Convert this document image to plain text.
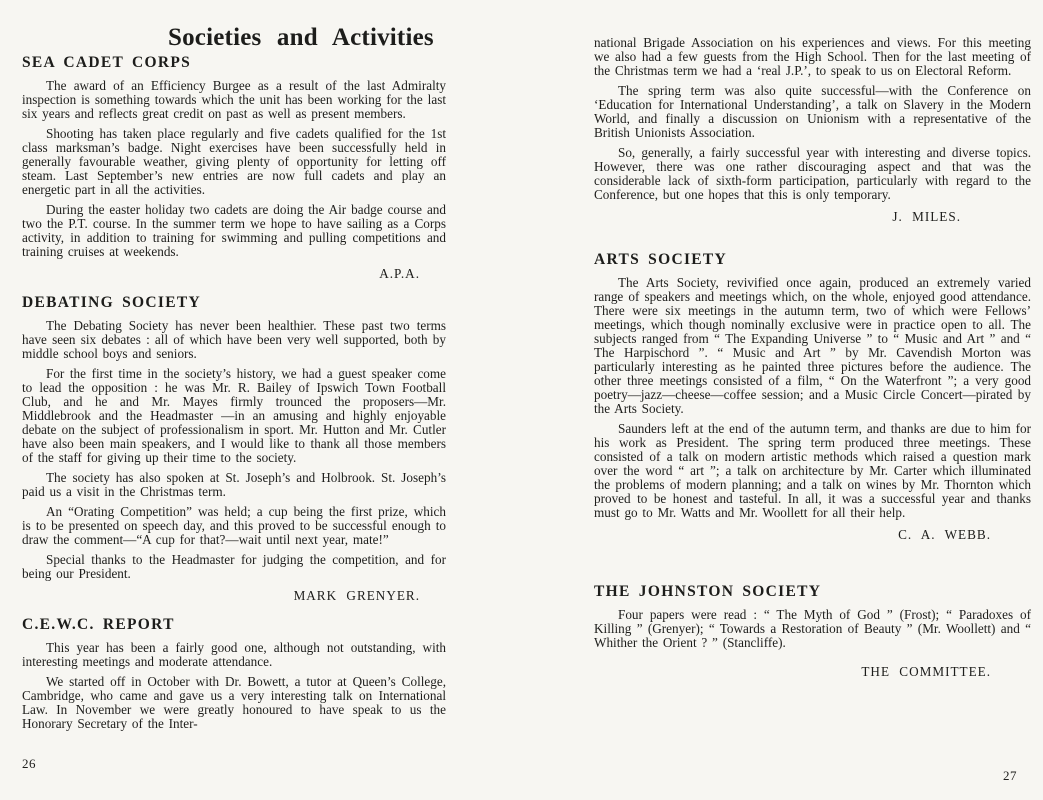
Societies and Activities
SEA CADET CORPS

The award of an Efficiency Burgee as a result of the last Admiralty inspection is something towards which the unit has been working for the last six years and reflects great credit on past as well as present members.

Shooting has taken place regularly and five cadets qualified for the 1st class marksman’s badge. Night exercises have been successfully held in generally favourable weather, giving plenty of opportunity for letting off steam. Last September’s new entries are now full cadets and play an energetic part in all the activities.

During the easter holiday two cadets are doing the Air badge course and two the P.T. course. In the summer term we hope to have sailing as a Corps activity, in addition to training for swimming and pulling competitions and training cruises at weekends.

A.P.A.
DEBATING SOCIETY

The Debating Society has never been healthier. These past two terms have seen six debates : all of which have been very well supported, both by middle school boys and seniors.

For the first time in the society’s history, we had a guest speaker come to lead the opposition : he was Mr. R. Bailey of Ipswich Town Football Club, and he and Mr. Mayes firmly trounced the proposers—Mr. Middlebrook and the Headmaster —in an amusing and highly enjoyable debate on the subject of professionalism in sport. Mr. Hutton and Mr. Cutler have also been main speakers, and I would like to thank all those members of the staff for giving up their time to the society.

The society has also spoken at St. Joseph’s and Holbrook. St. Joseph’s paid us a visit in the Christmas term.

An “Orating Competition” was held; a cup being the first prize, which is to be presented on speech day, and this proved to be successful enough to draw the comment—“A cup for that?—wait until next year, mate!”

Special thanks to the Headmaster for judging the competition, and for being our President.

MARK GRENYER.
C.E.W.C. REPORT

This year has been a fairly good one, although not outstanding, with interesting meetings and moderate attendance.

We started off in October with Dr. Bowett, a tutor at Queen’s College, Cambridge, who came and gave us a very interesting talk on International Law. In November we were greatly honoured to have speak to us the Honorary Secretary of the Inter-

national Brigade Association on his experiences and views. For this meeting we also had a few guests from the High School. Then for the last meeting of the Christmas term we had a ‘real J.P.’, to speak to us on Electoral Reform.

The spring term was also quite successful—with the Conference on ‘Education for International Understanding’, a talk on Slavery in the Modern World, and finally a discussion on Unionism with a representative of the British Unionists Association.

So, generally, a fairly successful year with interesting and diverse topics. However, there was one rather discouraging aspect and that was the considerable lack of sixth-form participation, particularly with regard to the Conference, but one hopes that this is only temporary.

J. MILES.
ARTS SOCIETY

The Arts Society, revivified once again, produced an extremely varied range of speakers and meetings which, on the whole, enjoyed good attendance. There were six meetings in the autumn term, two of which were Fellows’ meetings, which though nominally exclusive were in practice open to all. The subjects ranged from “ The Expanding Universe ” to “ Music and Art ” and “ The Harpischord ”. “ Music and Art ” by Mr. Cavendish Morton was particularly interesting as he painted three pictures before the audience. The other three meetings consisted of a film, “ On the Waterfront ”; a very good poetry—jazz—cheese—coffee session; and a Music Circle Concert—pirated by the Arts Society.

Saunders left at the end of the autumn term, and thanks are due to him for his work as President. The spring term produced three meetings. These consisted of a talk on modern artistic methods which raised a question mark over the word “ art ”; a talk on architecture by Mr. Carter which illuminated the problems of modern planning; and a talk on wines by Mr. Thornton which proved to be honest and tasteful. In all, it was a successful year and thanks must go to Mr. Watts and Mr. Woollett for all their help.

C. A. WEBB.
THE JOHNSTON SOCIETY

Four papers were read : “ The Myth of God ” (Frost); “ Paradoxes of Killing ” (Grenyer); “ Towards a Restoration of Beauty ” (Mr. Woollett) and “ Whither the Orient ? ” (Stancliffe).

THE COMMITTEE.
26
27
